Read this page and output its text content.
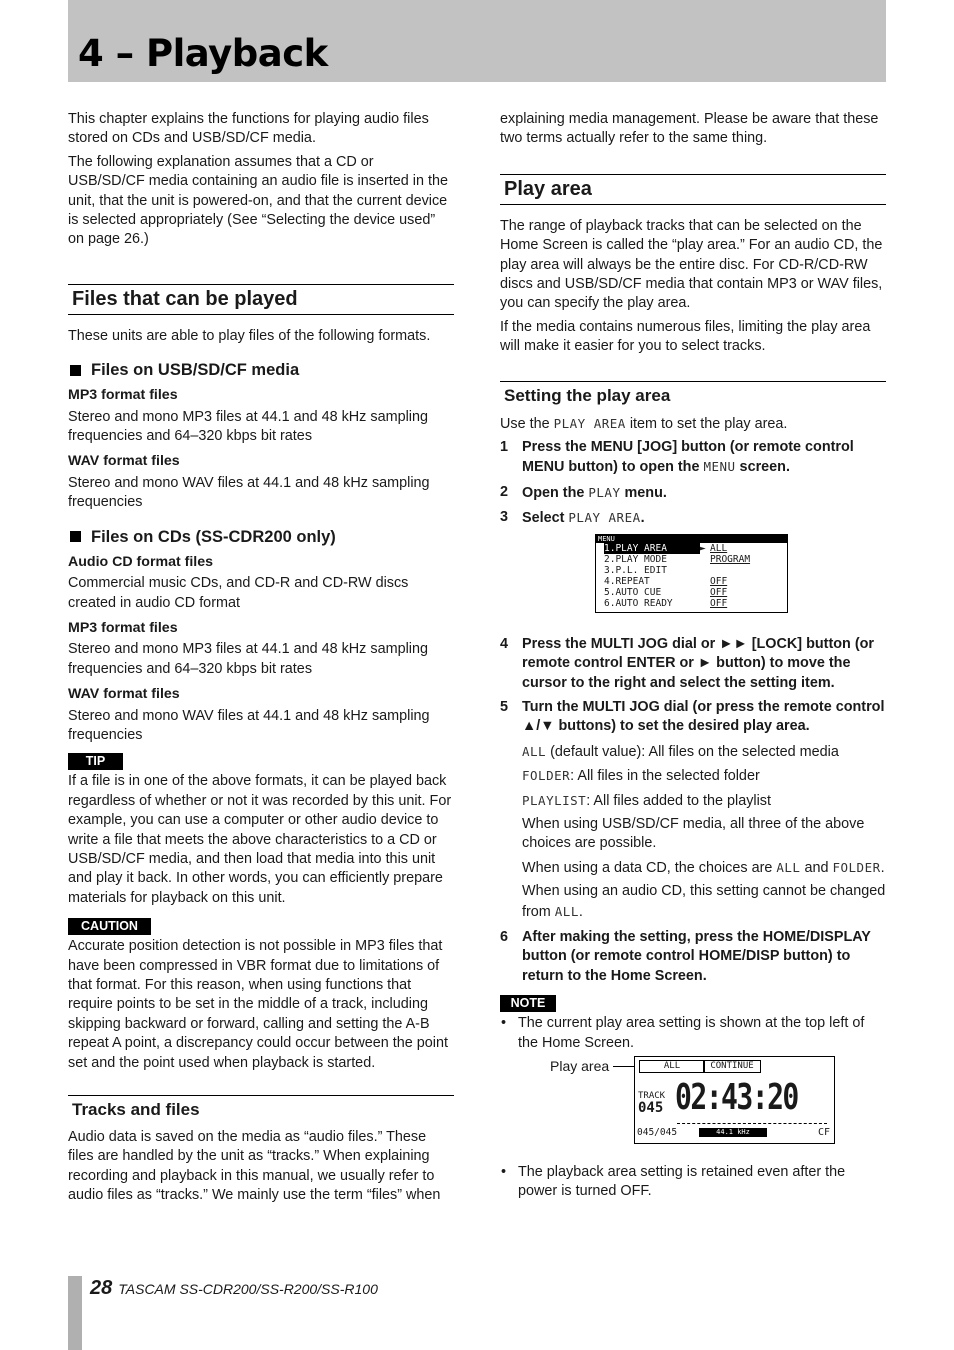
4 – Playback

This chapter explains the functions for playing audio files stored on CDs and USB/SD/CF media.

The following explanation assumes that a CD or USB/SD/CF media containing an audio file is inserted in the unit, that the unit is powered-on, and that the current device is selected appropriately (See “Selecting the device used” on page 26.)

Files that can be played

These units are able to play files of the following formats.

Files on USB/SD/CF media
MP3 format files

Stereo and mono MP3 files at 44.1 and 48 kHz sampling frequencies and 64–320 kbps bit rates

WAV format files

Stereo and mono WAV files at 44.1 and 48 kHz sampling frequencies

Files on CDs (SS-CDR200 only)
Audio CD format files

Commercial music CDs, and CD-R and CD-RW discs created in audio CD format

MP3 format files

Stereo and mono MP3 files at 44.1 and 48 kHz sampling frequencies and 64–320 kbps bit rates

WAV format files

Stereo and mono WAV files at 44.1 and 48 kHz sampling frequencies

TIP

If a file is in one of the above formats, it can be played back regardless of whether or not it was recorded by this unit. For example, you can use a computer or other audio device to write a file that meets the above characteristics to a CD or USB/SD/CF media, and then load that media into this unit and play it back. In other words, you can efficiently prepare materials for playback on this unit.

CAUTION

Accurate position detection is not possible in MP3 files that have been compressed in VBR format due to limitations of that format. For this reason, when using functions that require points to be set in the middle of a track, including skipping backward or forward, calling and setting the A-B repeat A point, a discrepancy could occur between the point set and the point used when playback is started.

Tracks and files

Audio data is saved on the media as “audio files.” These files are handled by the unit as “tracks.” When explaining recording and playback in this manual, we usually refer to audio files as “tracks.” We mainly use the term “files” when

explaining media management. Please be aware that these two terms actually refer to the same thing.

Play area

The range of playback tracks that can be selected on the Home Screen is called the “play area.” For an audio CD, the play area will always be the entire disc. For CD-R/CD-RW discs and USB/SD/CF media that contain MP3 or WAV files, you can specify the play area.

If the media contains numerous files, limiting the play area will make it easier for you to select tracks.

Setting the play area

Use the PLAY AREA item to set the play area.

1 Press the MENU [JOG] button (or remote control MENU button) to open the MENU screen.
2 Open the PLAY menu.
3 Select PLAY AREA.
MENU
1.PLAY AREA	► ALL
2.PLAY MODE	PROGRAM
3.P.L. EDIT
4.REPEAT	OFF
5.AUTO CUE	OFF
6.AUTO READY	OFF
4 Press the MULTI JOG dial or ►► [LOCK] button (or remote control ENTER or ► button) to move the cursor to the right and select the setting item.
5 Turn the MULTI JOG dial (or press the remote control ▲/▼ buttons) to set the desired play area.

ALL (default value): All files on the selected media

FOLDER: All files in the selected folder

PLAYLIST: All files added to the playlist

When using USB/SD/CF media, all three of the above choices are possible.

When using a data CD, the choices are ALL and FOLDER.

When using an audio CD, this setting cannot be changed from ALL.

6 After making the setting, press the HOME/DISPLAY button (or remote control HOME/DISP button) to return to the Home Screen.
NOTE
• The current play area setting is shown at the top left of the Home Screen.
Play area	ALL	CONTINUE
TRACK
045 02:43:20
045/045	44.1 kHz	CF
• The playback area setting is retained even after the power is turned OFF.
28 TASCAM SS-CDR200/SS-R200/SS-R100
